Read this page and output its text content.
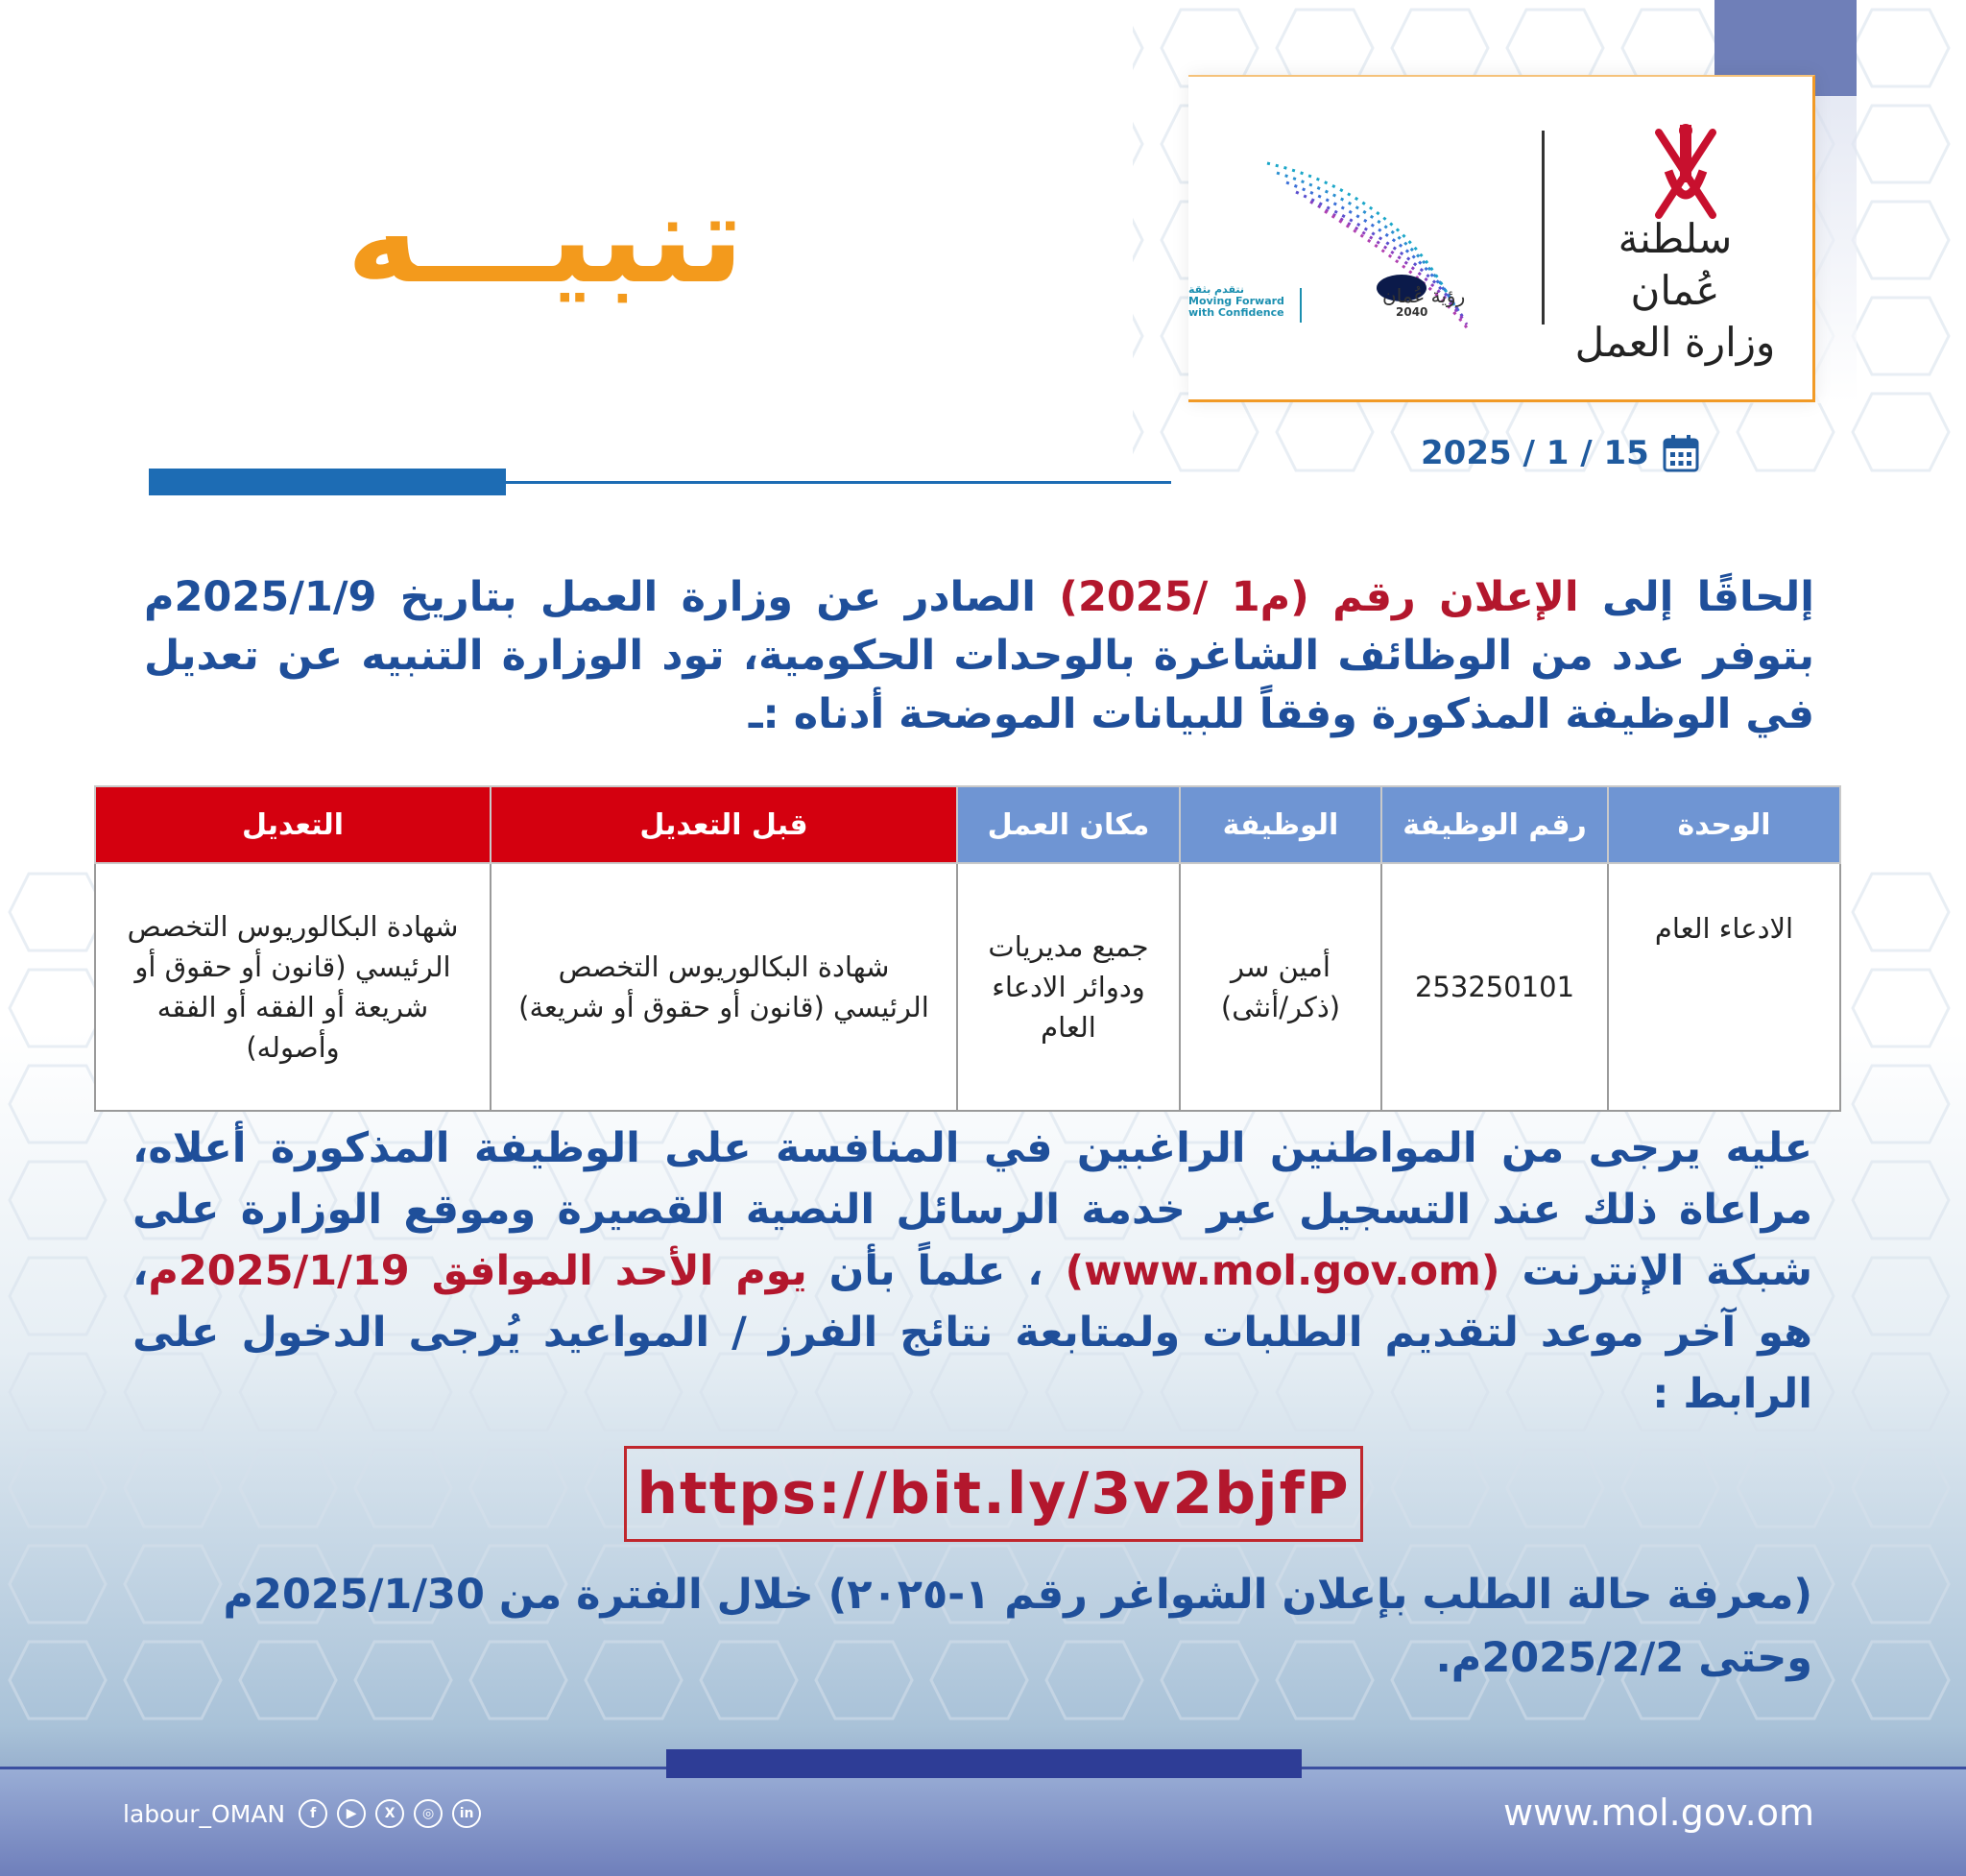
سلطنة عُمان
وزارة العمل
رؤية عُمان
2040
نتقدم بثقة
Moving Forward with Confidence
تنبيـــه
2025 / 1 / 15
إلحاقًا إلى الإعلان رقم (م1 /2025) الصادر عن وزارة العمل بتاريخ 2025/1/9م بتوفر عدد من الوظائف الشاغرة بالوحدات الحكومية، تود الوزارة التنبيه عن تعديل في الوظيفة المذكورة وفقاً للبيانات الموضحة أدناه :ـ
الوحدة	رقم الوظيفة	الوظيفة	مكان العمل	قبل التعديل	التعديل
الادعاء العام	253250101	أمين سر (ذكر/أنثى)	جميع مديريات ودوائر الادعاء العام	شهادة البكالوريوس التخصص الرئيسي (قانون أو حقوق أو شريعة)	شهادة البكالوريوس التخصص الرئيسي (قانون أو حقوق أو شريعة أو الفقه أو الفقه وأصوله)
عليه يرجى من المواطنين الراغبين في المنافسة على الوظيفة المذكورة أعلاه، مراعاة ذلك عند التسجيل عبر خدمة الرسائل النصية القصيرة وموقع الوزارة على شبكة الإنترنت (www.mol.gov.om) ، علماً بأن يوم الأحد الموافق 2025/1/19م، هو آخر موعد لتقديم الطلبات ولمتابعة نتائج الفرز / المواعيد يُرجى الدخول على الرابط :
https://bit.ly/3v2bjfP
(معرفة حالة الطلب بإعلان الشواغر رقم ١-٢٠٢٥) خلال الفترة من 2025/1/30م وحتى 2025/2/2م.
www.mol.gov.om
labour_OMAN	f	▶	X	◎	in
